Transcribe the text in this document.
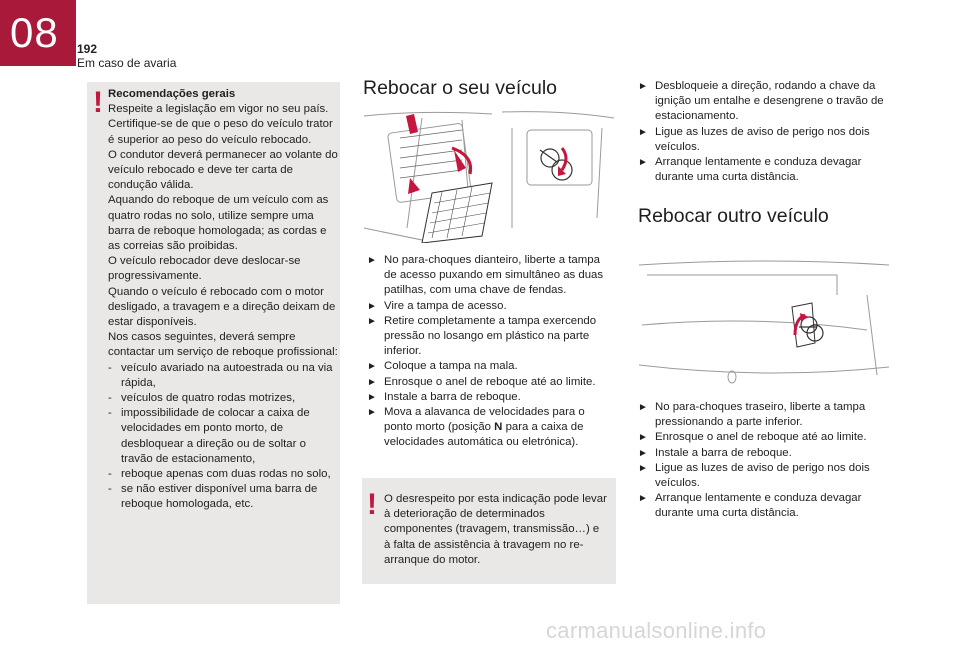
08 192
Em caso de avaria
! Recomendações gerais
Respeite a legislação em vigor no seu país.
Certifique-se de que o peso do veículo trator é superior ao peso do veículo rebocado.
O condutor deverá permanecer ao volante do veículo rebocado e deve ter carta de condução válida.
Aquando do reboque de um veículo com as quatro rodas no solo, utilize sempre uma barra de reboque homologada; as cordas e as correias são proibidas.
O veículo rebocador deve deslocar-se progressivamente.
Quando o veículo é rebocado com o motor desligado, a travagem e a direção deixam de estar disponíveis.
Nos casos seguintes, deverá sempre contactar um serviço de reboque profissional:
- veículo avariado na autoestrada ou na via rápida,
- veículos de quatro rodas motrizes,
- impossibilidade de colocar a caixa de velocidades em ponto morto, de desbloquear a direção ou de soltar o travão de estacionamento,
- reboque apenas com duas rodas no solo,
- se não estiver disponível uma barra de reboque homologada, etc.
Rebocar o seu veículo
► No para-choques dianteiro, liberte a tampa de acesso puxando em simultâneo as duas patilhas, com uma chave de fendas.
► Vire a tampa de acesso.
► Retire completamente a tampa exercendo pressão no losango em plástico na parte inferior.
► Coloque a tampa na mala.
► Enrosque o anel de reboque até ao limite.
► Instale a barra de reboque.
► Mova a alavanca de velocidades para o ponto morto (posição N para a caixa de velocidades automática ou eletrónica).
! O desrespeito por esta indicação pode levar à deterioração de determinados componentes (travagem, transmissão…) e à falta de assistência à travagem no re-arranque do motor.
► Desbloqueie a direção, rodando a chave da ignição um entalhe e desengrene o travão de estacionamento.
► Ligue as luzes de aviso de perigo nos dois veículos.
► Arranque lentamente e conduza devagar durante uma curta distância.
Rebocar outro veículo
► No para-choques traseiro, liberte a tampa pressionando a parte inferior.
► Enrosque o anel de reboque até ao limite.
► Instale a barra de reboque.
► Ligue as luzes de aviso de perigo nos dois veículos.
► Arranque lentamente e conduza devagar durante uma curta distância.
carmanualsonline.info
